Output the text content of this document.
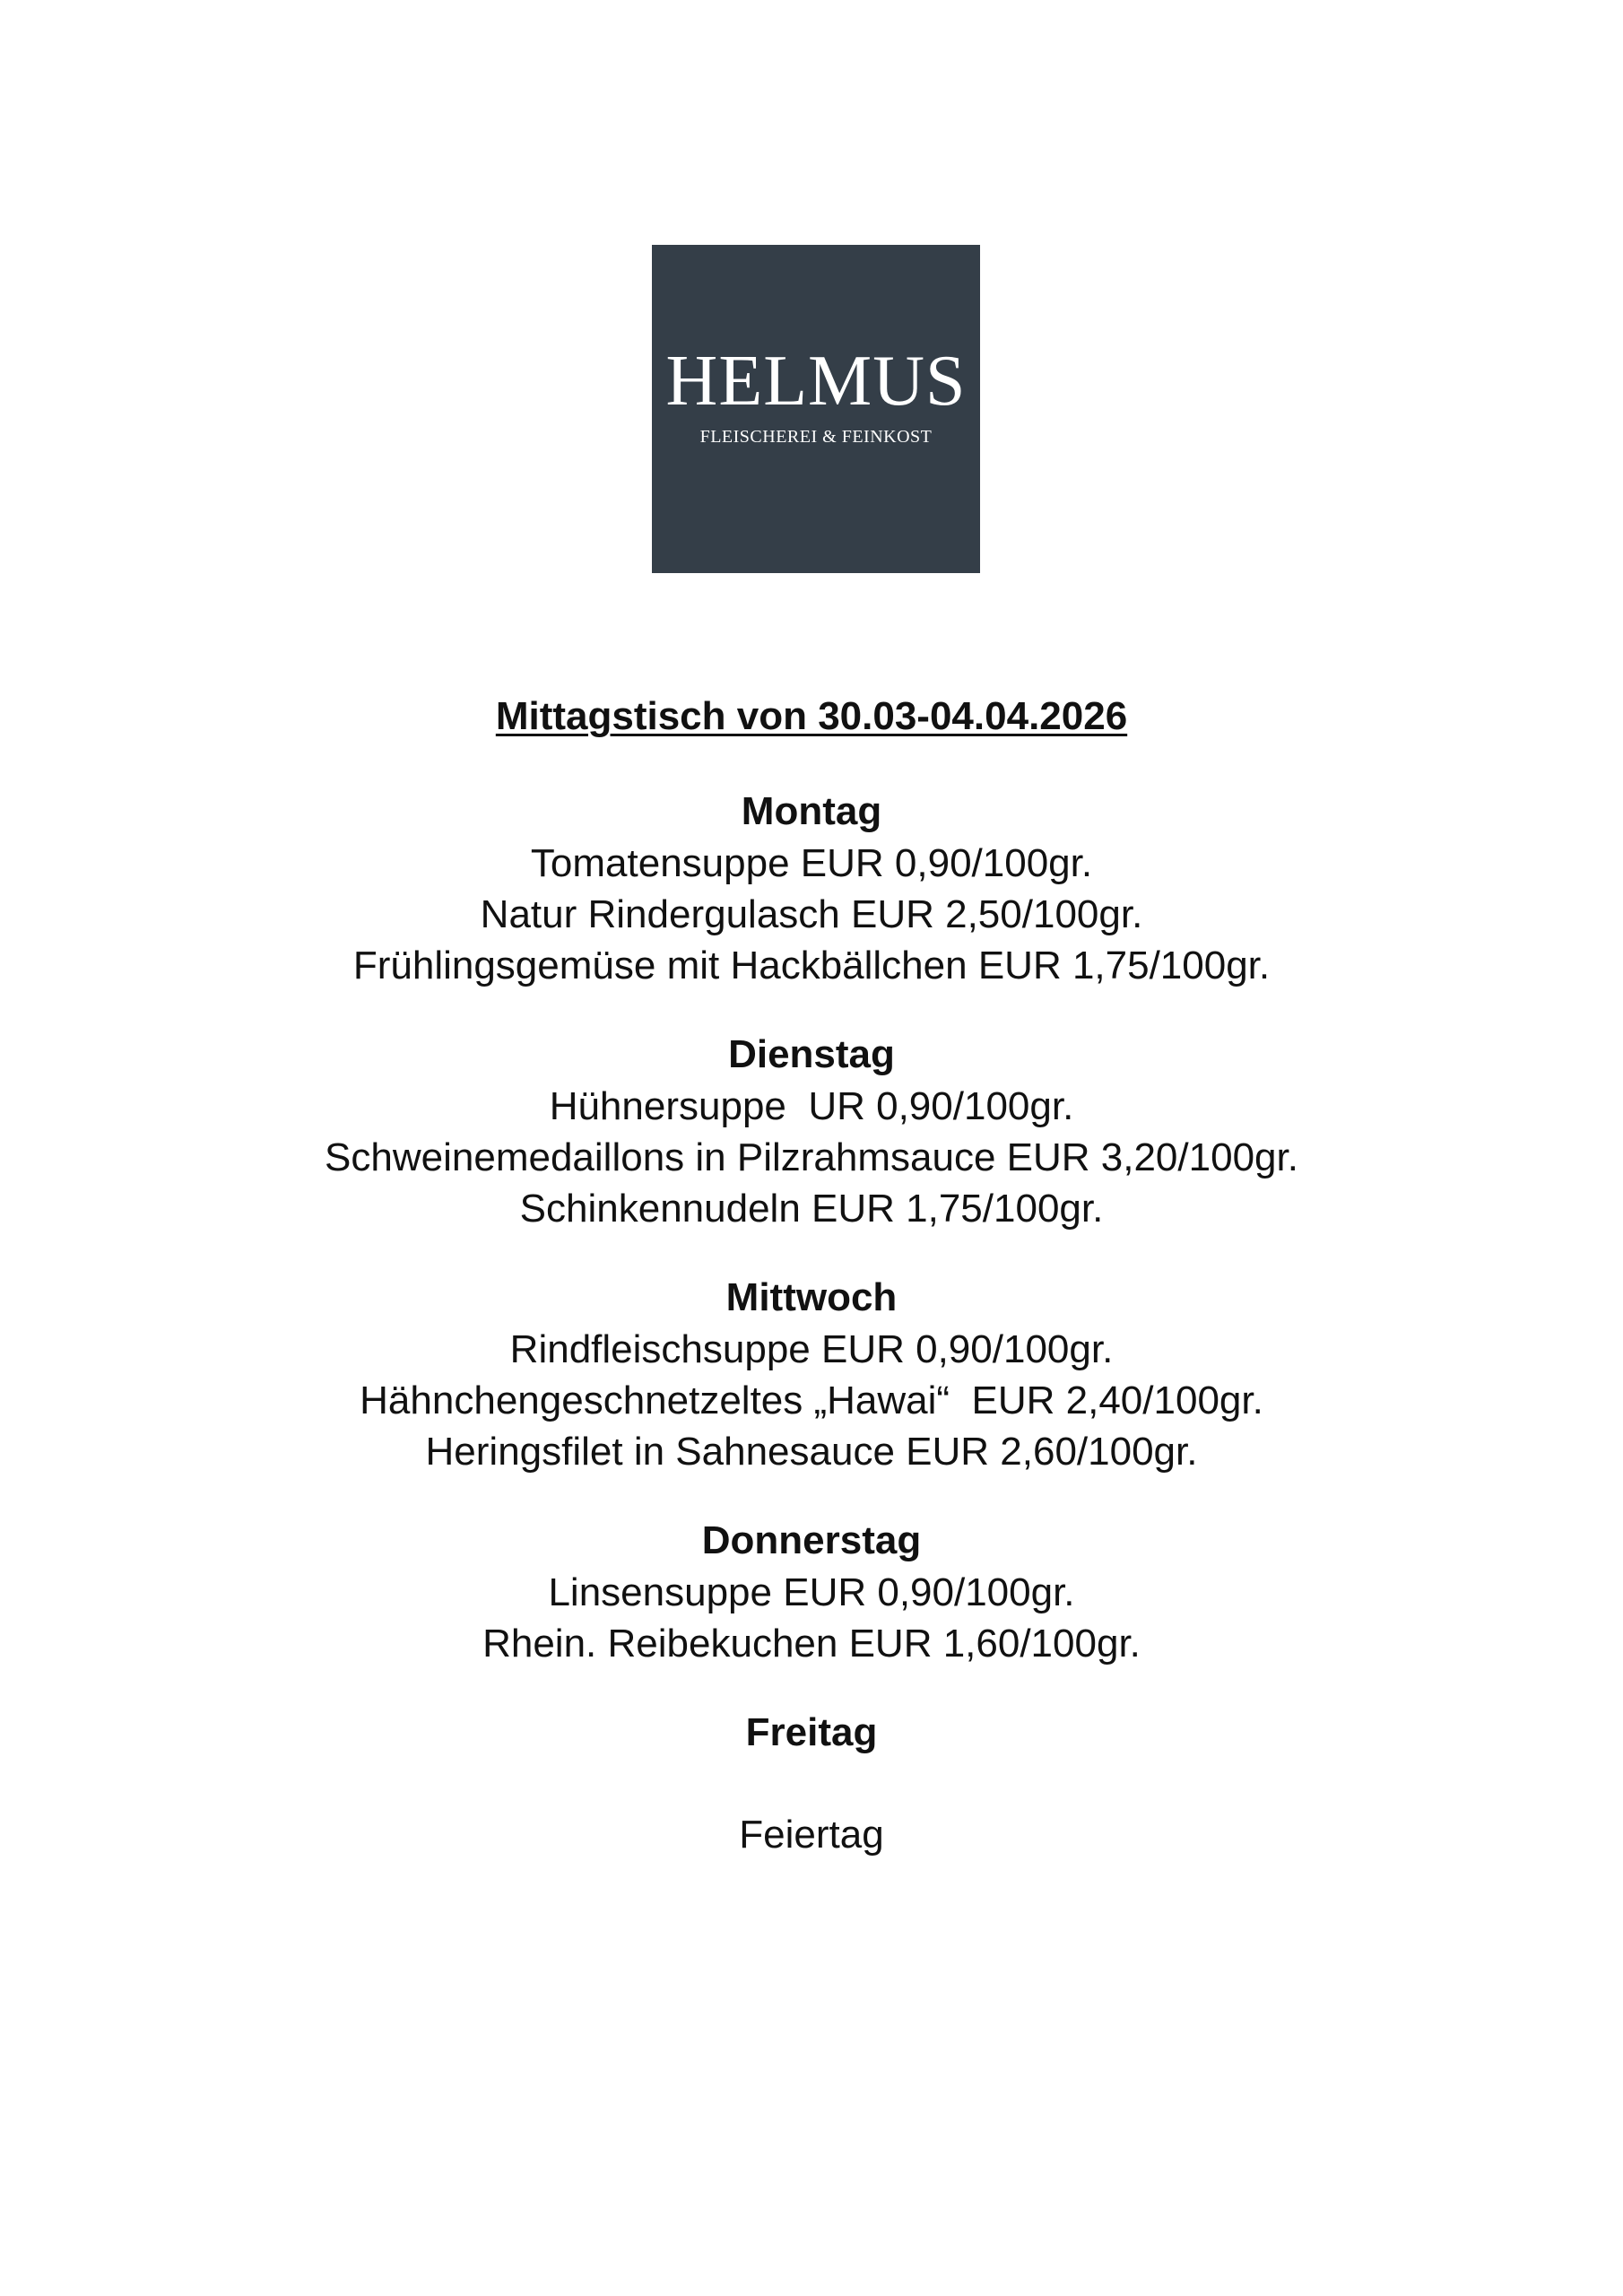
HELMUS
FLEISCHEREI & FEINKOST
Mittagstisch von 30.03-04.04.2026
Montag
Tomatensuppe EUR 0,90/100gr.
Natur Rindergulasch EUR 2,50/100gr.
Frühlingsgemüse mit Hackbällchen EUR 1,75/100gr.
Dienstag
Hühnersuppe  UR 0,90/100gr.
Schweinemedaillons in Pilzrahmsauce EUR 3,20/100gr.
Schinkennudeln EUR 1,75/100gr.
Mittwoch
Rindfleischsuppe EUR 0,90/100gr.
Hähnchengeschnetzeltes „Hawai“  EUR 2,40/100gr.
Heringsfilet in Sahnesauce EUR 2,60/100gr.
Donnerstag
Linsensuppe EUR 0,90/100gr.
Rhein. Reibekuchen EUR 1,60/100gr.
Freitag
Feiertag
